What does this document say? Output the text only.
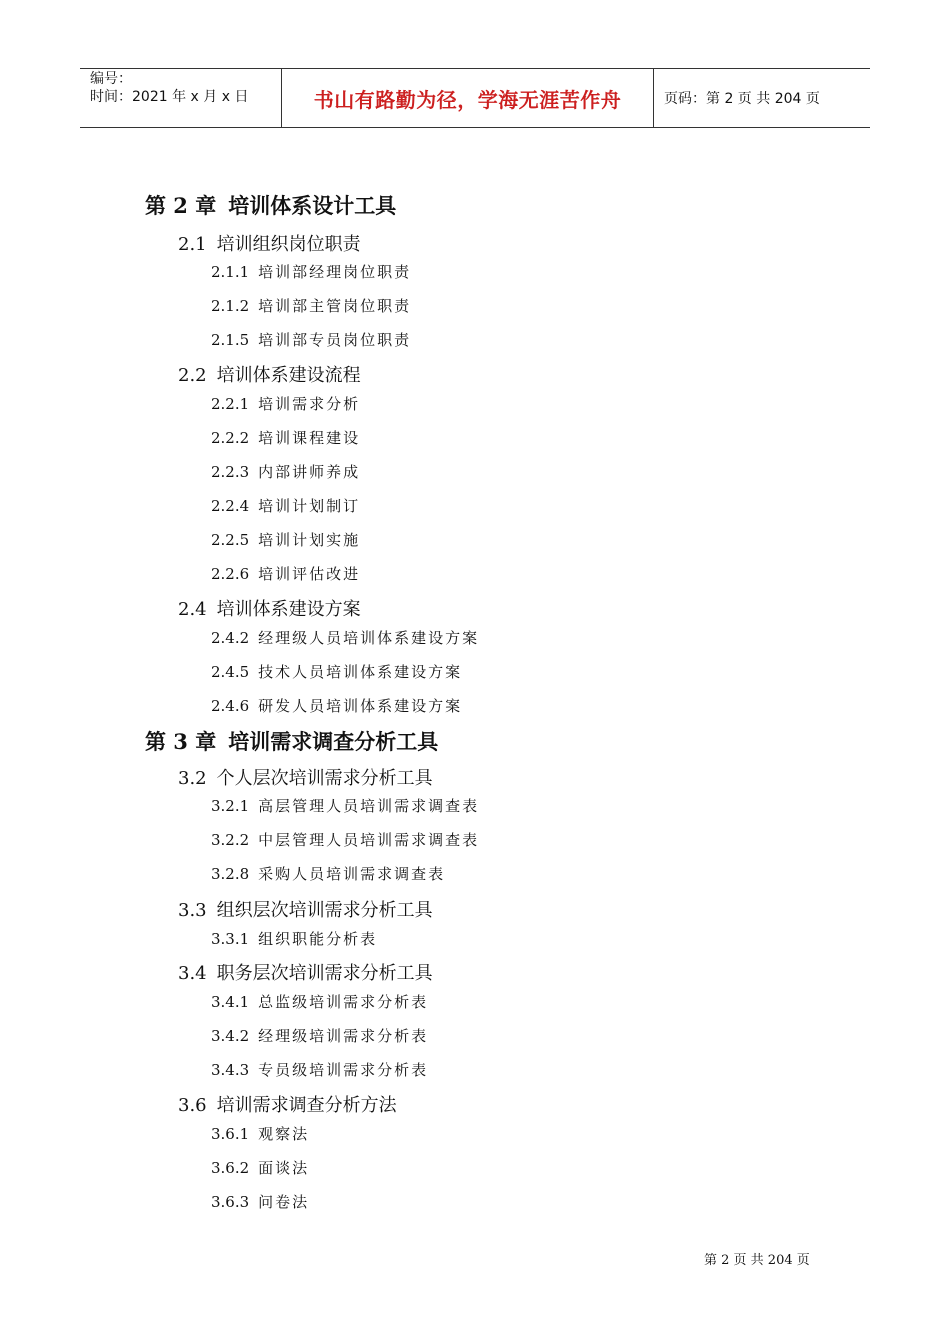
编号：
时间：2021 年 x 月 x 日	书山有路勤为径，学海无涯苦作舟	页码：第 2 页 共 204 页
第 2 章 培训体系设计工具
2.1 培训组织岗位职责
2.1.1 培训部经理岗位职责
2.1.2 培训部主管岗位职责
2.1.5 培训部专员岗位职责
2.2 培训体系建设流程
2.2.1 培训需求分析
2.2.2 培训课程建设
2.2.3 内部讲师养成
2.2.4 培训计划制订
2.2.5 培训计划实施
2.2.6 培训评估改进
2.4 培训体系建设方案
2.4.2 经理级人员培训体系建设方案
2.4.5 技术人员培训体系建设方案
2.4.6 研发人员培训体系建设方案
第 3 章 培训需求调查分析工具
3.2 个人层次培训需求分析工具
3.2.1 高层管理人员培训需求调查表
3.2.2 中层管理人员培训需求调查表
3.2.8 采购人员培训需求调查表
3.3 组织层次培训需求分析工具
3.3.1 组织职能分析表
3.4 职务层次培训需求分析工具
3.4.1 总监级培训需求分析表
3.4.2 经理级培训需求分析表
3.4.3 专员级培训需求分析表
3.6 培训需求调查分析方法
3.6.1 观察法
3.6.2 面谈法
3.6.3 问卷法
第 2 页 共 204 页
